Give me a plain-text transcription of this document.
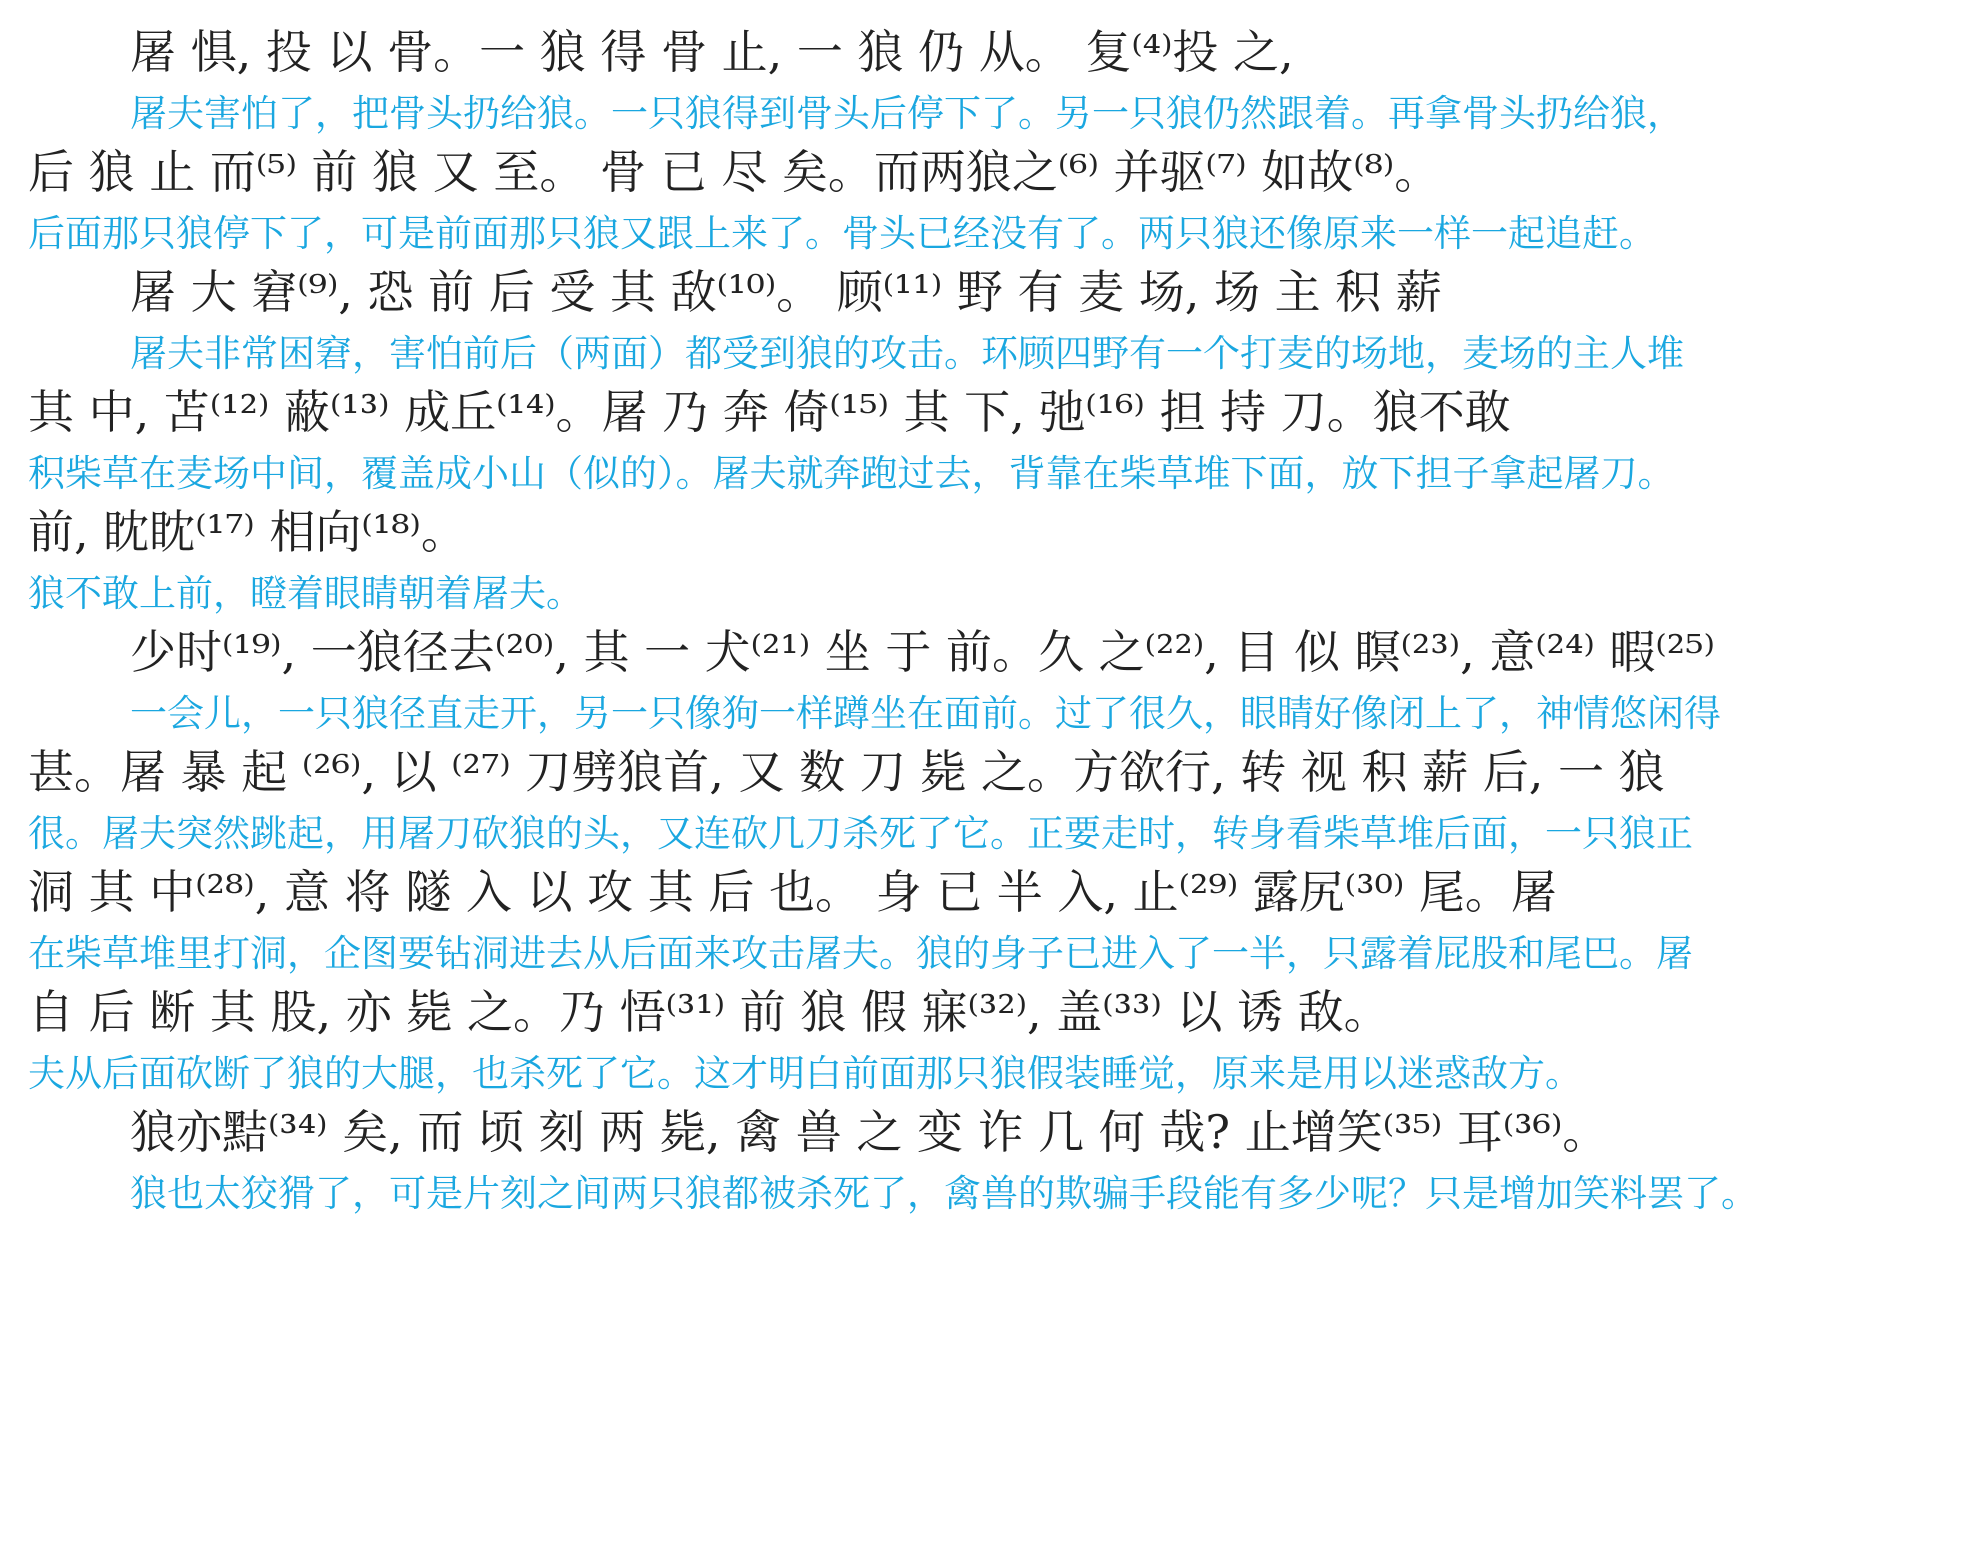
屠 惧, 投 以 骨。一 狼 得 骨 止, 一 狼 仍 从。 复⁽⁴⁾投 之,
屠夫害怕了，把骨头扔给狼。一只狼得到骨头后停下了。另一只狼仍然跟着。再拿骨头扔给狼，
后 狼 止 而⁽⁵⁾ 前 狼 又 至。 骨 已 尽 矣。而两狼之⁽⁶⁾ 并驱⁽⁷⁾ 如故⁽⁸⁾。
后面那只狼停下了，可是前面那只狼又跟上来了。骨头已经没有了。两只狼还像原来一样一起追赶。
屠 大 窘⁽⁹⁾, 恐 前 后 受 其 敌⁽¹⁰⁾。 顾⁽¹¹⁾ 野 有 麦 场, 场 主 积 薪
屠夫非常困窘，害怕前后（两面）都受到狼的攻击。环顾四野有一个打麦的场地，麦场的主人堆
其 中, 苫⁽¹²⁾ 蔽⁽¹³⁾ 成丘⁽¹⁴⁾。屠 乃 奔 倚⁽¹⁵⁾ 其 下, 弛⁽¹⁶⁾ 担 持 刀。狼不敢
积柴草在麦场中间，覆盖成小山（似的）。屠夫就奔跑过去，背靠在柴草堆下面，放下担子拿起屠刀。
前, 眈眈⁽¹⁷⁾ 相向⁽¹⁸⁾。
狼不敢上前，瞪着眼睛朝着屠夫。
少时⁽¹⁹⁾, 一狼径去⁽²⁰⁾, 其 一 犬⁽²¹⁾ 坐 于 前。久 之⁽²²⁾, 目 似 瞑⁽²³⁾, 意⁽²⁴⁾ 暇⁽²⁵⁾
一会儿，一只狼径直走开，另一只像狗一样蹲坐在面前。过了很久，眼睛好像闭上了，神情悠闲得
甚。屠 暴 起 ⁽²⁶⁾, 以 ⁽²⁷⁾ 刀劈狼首, 又 数 刀 毙 之。方欲行, 转 视 积 薪 后, 一 狼
很。屠夫突然跳起，用屠刀砍狼的头，又连砍几刀杀死了它。正要走时，转身看柴草堆后面，一只狼正
洞 其 中⁽²⁸⁾, 意 将 隧 入 以 攻 其 后 也。 身 已 半 入, 止⁽²⁹⁾ 露尻⁽³⁰⁾ 尾。屠
在柴草堆里打洞，企图要钻洞进去从后面来攻击屠夫。狼的身子已进入了一半，只露着屁股和尾巴。屠
自 后 断 其 股, 亦 毙 之。乃 悟⁽³¹⁾ 前 狼 假 寐⁽³²⁾, 盖⁽³³⁾ 以 诱 敌。
夫从后面砍断了狼的大腿，也杀死了它。这才明白前面那只狼假装睡觉，原来是用以迷惑敌方。
狼亦黠⁽³⁴⁾ 矣, 而 顷 刻 两 毙, 禽 兽 之 变 诈 几 何 哉? 止增笑⁽³⁵⁾ 耳⁽³⁶⁾。
狼也太狡猾了，可是片刻之间两只狼都被杀死了，禽兽的欺骗手段能有多少呢？只是增加笑料罢了。
